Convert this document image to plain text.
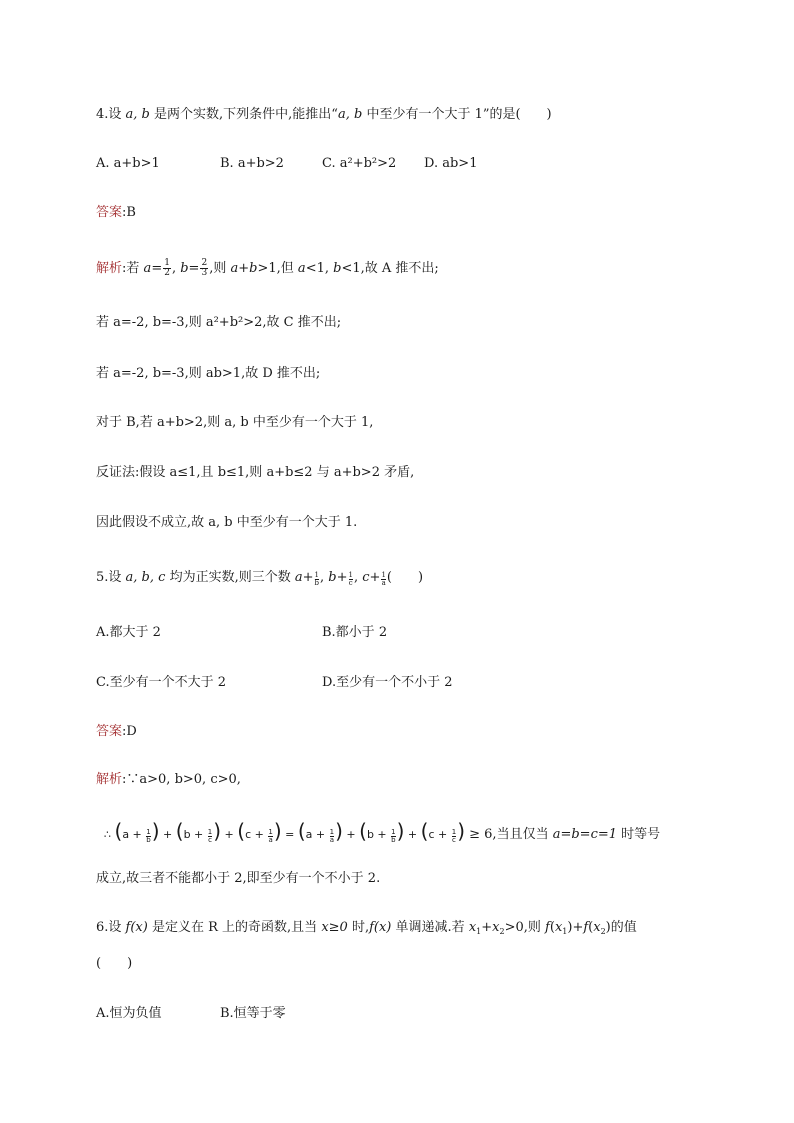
4.设 a, b 是两个实数,下列条件中,能推出“a, b 中至少有一个大于 1”的是(　　)
A. a+b>1	B. a+b>2	C. a²+b²>2 D. ab>1
答案:B
解析:若 $a= \frac{1}{2}$ , $b= \frac{2}{3}$ ,则 a+b>1,但 a<1, b<1,故 A 推不出;
若 a=-2, b=-3,则 a²+b²>2,故 C 推不出;
若 a=-2, b=-3,则 ab>1,故 D 推不出;
对于 B,若 a+b>2,则 a, b 中至少有一个大于 1,
反证法:假设 a≤1,且 b≤1,则 a+b≤2 与 a+b>2 矛盾,
因此假设不成立,故 a, b 中至少有一个大于 1.
5.设 a, b, c 均为正实数,则三个数 $a+ \frac{1}{b}$ , $b+ \frac{1}{c}$ , $c+ \frac{1}{a}$ (　　)
A.都大于 2	B.都小于 2
C.至少有一个不大于 2	D.至少有一个不小于 2
答案:D
解析:∵a>0, b>0, c>0,
∴ ($a + \frac{1}{b}$ ) + ($b + \frac{1}{c}$ ) + ($c + \frac{1}{a}$ ) = ($a + \frac{1}{a}$ ) + ($b + \frac{1}{b}$ ) + ($c + \frac{1}{c}$ ) ≥ 6,当且仅当 a=b=c=1 时等号
成立,故三者不能都小于 2,即至少有一个不小于 2.
6.设 f(x) 是定义在 R 上的奇函数,且当 x≥0 时,f(x) 单调递减.若 $x_1+x_2>0$,则 $f(x_1)+f(x_2)$的值
(　　)
A.恒为负值	B.恒等于零
